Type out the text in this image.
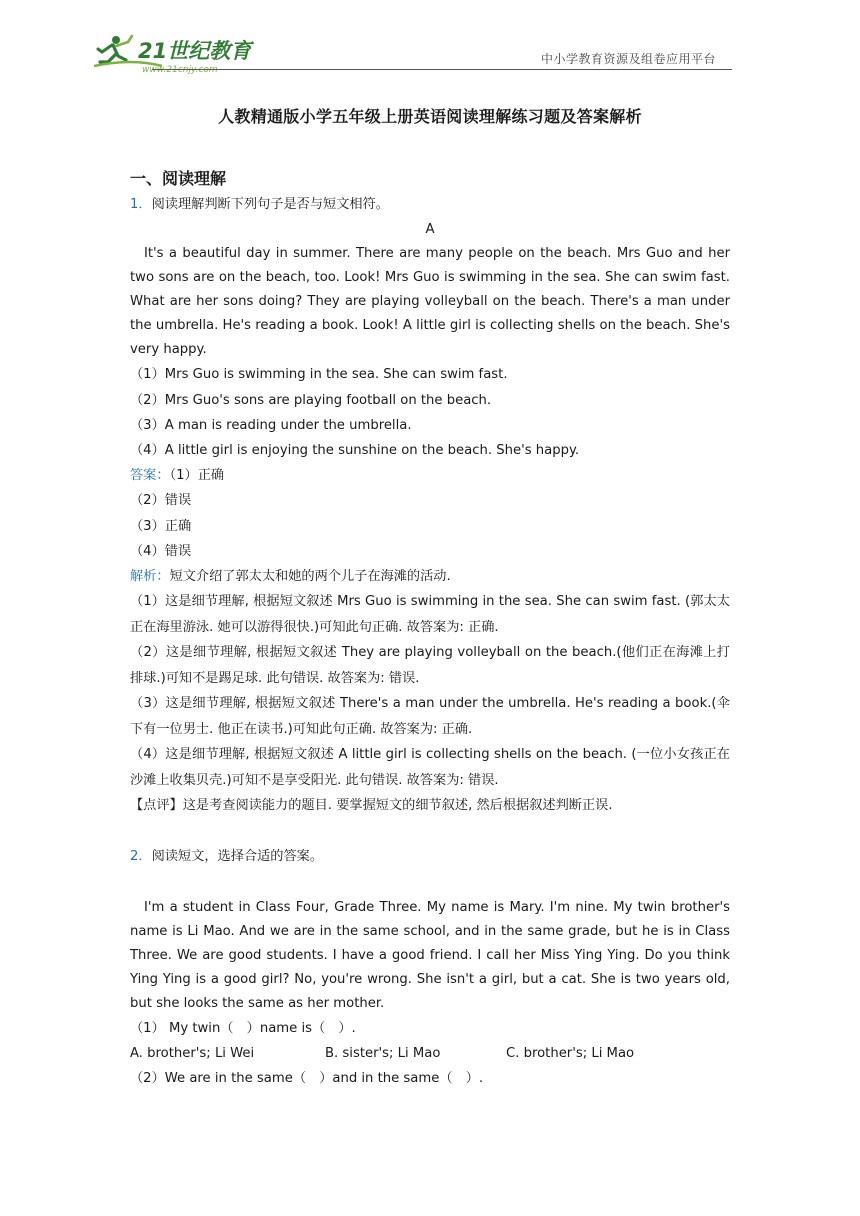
21世纪教育
www.21cnjy.com
中小学教育资源及组卷应用平台
人教精通版小学五年级上册英语阅读理解练习题及答案解析
一、阅读理解
1．阅读理解判断下列句子是否与短文相符。
A
It's a beautiful day in summer. There are many people on the beach. Mrs Guo and her two sons are on the beach, too. Look! Mrs Guo is swimming in the sea. She can swim fast. What are her sons doing? They are playing volleyball on the beach. There's a man under the umbrella. He's reading a book. Look! A little girl is collecting shells on the beach. She's very happy.
（1）Mrs Guo is swimming in the sea. She can swim fast.
（2）Mrs Guo's sons are playing football on the beach.
（3）A man is reading under the umbrella.
（4）A little girl is enjoying the sunshine on the beach. She's happy.
答案：（1）正确
（2）错误
（3）正确
（4）错误
解析：短文介绍了郭太太和她的两个儿子在海滩的活动.
（1）这是细节理解, 根据短文叙述 Mrs Guo is swimming in the sea. She can swim fast. (郭太太正在海里游泳. 她可以游得很快.)可知此句正确. 故答案为: 正确.
（2）这是细节理解, 根据短文叙述 They are playing volleyball on the beach.(他们正在海滩上打排球.)可知不是踢足球. 此句错误. 故答案为: 错误.
（3）这是细节理解, 根据短文叙述 There's a man under the umbrella. He's reading a book.(伞下有一位男士. 他正在读书.)可知此句正确. 故答案为: 正确.
（4）这是细节理解, 根据短文叙述 A little girl is collecting shells on the beach. (一位小女孩正在沙滩上收集贝壳.)可知不是享受阳光. 此句错误. 故答案为: 错误.
【点评】这是考查阅读能力的题目. 要掌握短文的细节叙述, 然后根据叙述判断正误.
2．阅读短文，选择合适的答案。
I'm a student in Class Four, Grade Three. My name is Mary. I'm nine. My twin brother's name is Li Mao. And we are in the same school, and in the same grade, but he is in Class Three. We are good students. I have a good friend. I call her Miss Ying Ying. Do you think Ying Ying is a good girl? No, you're wrong. She isn't a girl, but a cat. She is two years old, but she looks the same as her mother.
（1） My twin（　）name is（　）.
A. brother's; Li Wei	B. sister's; Li Mao	C. brother's; Li Mao
（2）We are in the same（　）and in the same（　）.
